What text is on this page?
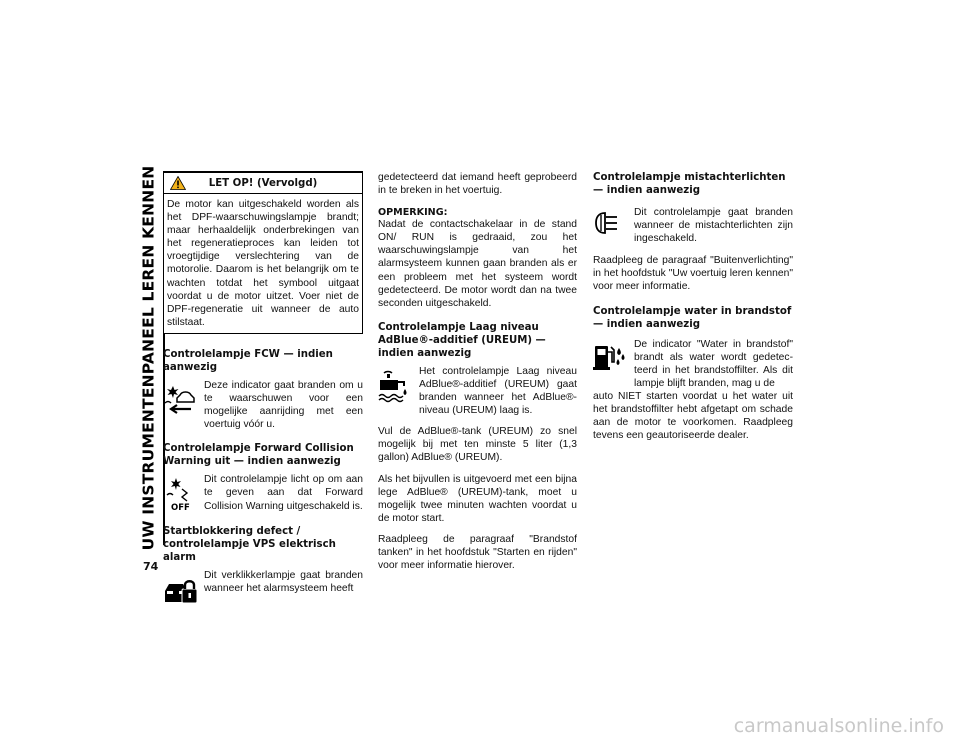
UW INSTRUMENTENPANEEL LEREN KENNEN
74
LET OP! (Vervolgd)

De motor kan uitgeschakeld worden als het DPF-waarschuwingslampje brandt; maar herhaaldelijk onderbrekingen van het regeneratieproces kan leiden tot vroegtijdige verslechtering van de motorolie. Daarom is het belangrijk om te wachten totdat het symbool uitgaat voordat u de motor uitzet. Voer niet de DPF-regeneratie uit wanneer de auto stilstaat.

Controlelampje FCW — indien aanwezig

Deze indicator gaat branden om u te waarschuwen voor een mogelijke aanrijding met een voertuig vóór u.

Controlelampje Forward Collision Warning uit — indien aanwezig
OFF

Dit controlelampje licht op om aan te geven aan dat Forward Collision Warning uitgeschakeld is.

Startblokkering defect / controlelampje VPS elektrisch alarm

Dit verklikkerlampje gaat branden wanneer het alarmsysteem heeft

gedetecteerd dat iemand heeft geprobeerd in te breken in het voertuig.

OPMERKING:

Nadat de contactschakelaar in de stand ON/ RUN is gedraaid, zou het waarschuwingslampje van het alarmsysteem kunnen gaan branden als er een probleem met het systeem wordt gedetecteerd. De motor wordt dan na twee seconden uitgeschakeld.

Controlelampje Laag niveau AdBlue®-additief (UREUM) — indien aanwezig

Het controlelampje Laag niveau AdBlue®-additief (UREUM) gaat branden wanneer het AdBlue®-niveau (UREUM) laag is.

Vul de AdBlue®-tank (UREUM) zo snel mogelijk bij met ten minste 5 liter (1,3 gallon) AdBlue® (UREUM).

Als het bijvullen is uitgevoerd met een bijna lege AdBlue® (UREUM)-tank, moet u mogelijk twee minuten wachten voordat u de motor start.

Raadpleeg de paragraaf "Brandstof tanken" in het hoofdstuk "Starten en rijden" voor meer informatie hierover.

Controlelampje mistachterlichten — indien aanwezig

Dit controlelampje gaat branden wanneer de mistachterlichten zijn ingeschakeld.

Raadpleeg de paragraaf "Buitenverlichting" in het hoofdstuk "Uw voertuig leren kennen" voor meer informatie.

Controlelampje water in brandstof — indien aanwezig

De indicator "Water in brandstof" brandt als water wordt gedetecteerd in het brandstoffilter. Als dit lampje blijft branden, mag u de

auto NIET starten voordat u het water uit het brandstoffilter hebt afgetapt om schade aan de motor te voorkomen. Raadpleeg tevens een geautoriseerde dealer.

carmanualsonline.info
